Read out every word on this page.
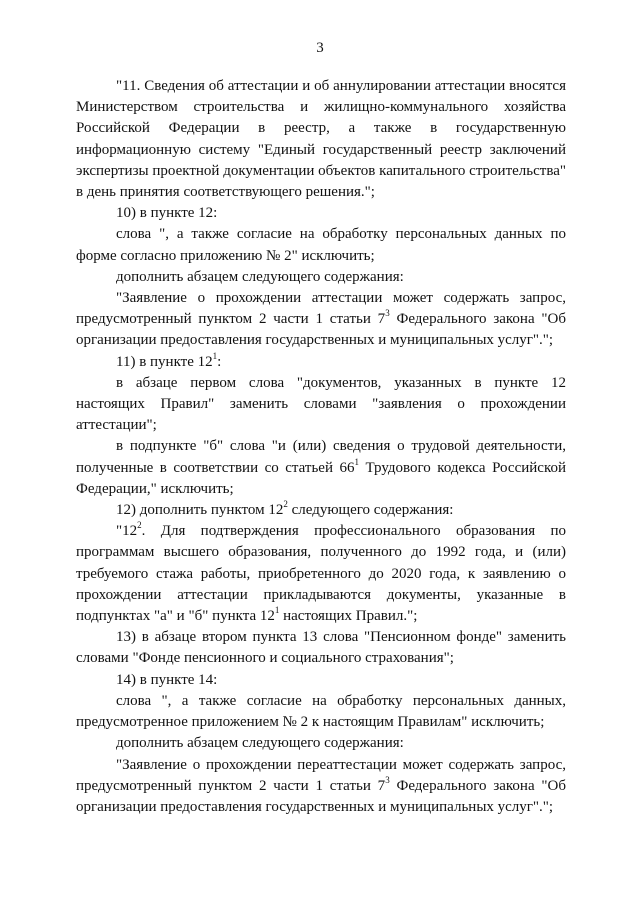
3

"11. Сведения об аттестации и об аннулировании аттестации вносятся Министерством строительства и жилищно-коммунального хозяйства Российской Федерации в реестр, а также в государственную информационную систему "Единый государственный реестр заключений экспертизы проектной документации объектов капитального строительства" в день принятия соответствующего решения.";

10) в пункте 12:

слова ", а также согласие на обработку персональных данных по форме согласно приложению № 2" исключить;

дополнить абзацем следующего содержания:

"Заявление о прохождении аттестации может содержать запрос, предусмотренный пунктом 2 части 1 статьи $7^3$ Федерального закона "Об организации предоставления государственных и муниципальных услуг".";

11) в пункте $12^1$:

в абзаце первом слова "документов, указанных в пункте 12 настоящих Правил" заменить словами "заявления о прохождении аттестации";

в подпункте "б" слова "и (или) сведения о трудовой деятельности, полученные в соответствии со статьей $66^1$ Трудового кодекса Российской Федерации," исключить;

12) дополнить пунктом $12^2$ следующего содержания:

"$12^2$. Для подтверждения профессионального образования по программам высшего образования, полученного до 1992 года, и (или) требуемого стажа работы, приобретенного до 2020 года, к заявлению о прохождении аттестации прикладываются документы, указанные в подпунктах "а" и "б" пункта $12^1$ настоящих Правил.";

13) в абзаце втором пункта 13 слова "Пенсионном фонде" заменить словами "Фонде пенсионного и социального страхования";

14) в пункте 14:

слова ", а также согласие на обработку персональных данных, предусмотренное приложением № 2 к настоящим Правилам" исключить;

дополнить абзацем следующего содержания:

"Заявление о прохождении переаттестации может содержать запрос, предусмотренный пунктом 2 части 1 статьи $7^3$ Федерального закона "Об организации предоставления государственных и муниципальных услуг".";
